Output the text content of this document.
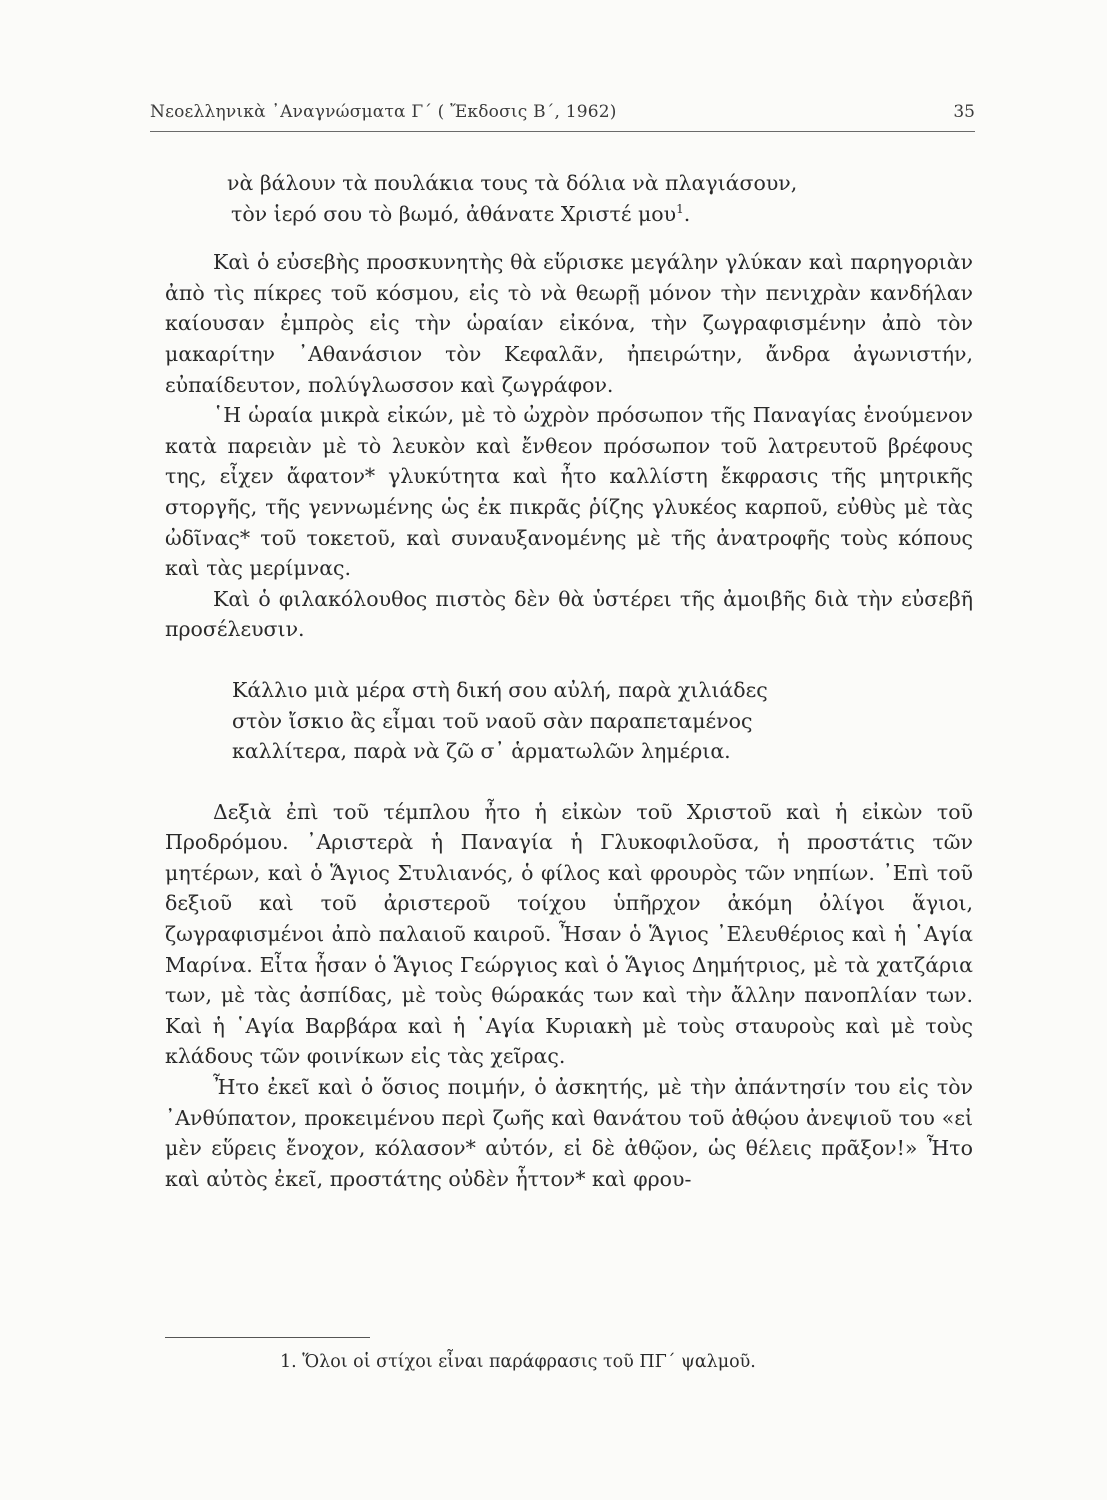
Νεοελληνικὰ ᾿Αναγνώσματα Γ΄ ( Ἔκδοσις Β΄, 1962)	35

νὰ βάλουν τὰ πουλάκια τους τὰ δόλια νὰ πλαγιάσουν,
τὸν ἱερό σου τὸ βωμό, ἀθάνατε Χριστέ μου$^1$.

Καὶ ὁ εὐσεβὴς προσκυνητὴς θὰ εὕρισκε μεγάλην γλύκαν καὶ παρηγοριὰν ἀπὸ τὶς πίκρες τοῦ κόσμου, εἰς τὸ νὰ θεωρῇ μόνον τὴν πενιχρὰν κανδήλαν καίουσαν ἐμπρὸς εἰς τὴν ὡραίαν εἰκόνα, τὴν ζωγραφισμένην ἀπὸ τὸν μακαρίτην ᾿Αθανάσιον τὸν Κεφαλᾶν, ἠπειρώτην, ἄνδρα ἀγωνιστήν, εὐπαίδευτον, πολύγλωσσον καὶ ζωγράφον.

῾Η ὡραία μικρὰ εἰκών, μὲ τὸ ὠχρὸν πρόσωπον τῆς Παναγίας ἑνούμενον κατὰ παρειὰν μὲ τὸ λευκὸν καὶ ἔνθεον πρόσωπον τοῦ λατρευτοῦ βρέφους της, εἶχεν ἄφατον* γλυκύτητα καὶ ἦτο καλλίστη ἔκφρασις τῆς μητρικῆς στοργῆς, τῆς γεννωμένης ὡς ἐκ πικρᾶς ῥίζης γλυκέος καρποῦ, εὐθὺς μὲ τὰς ὠδῖνας* τοῦ τοκετοῦ, καὶ συναυξανομένης μὲ τῆς ἀνατροφῆς τοὺς κόπους καὶ τὰς μερίμνας.

Καὶ ὁ φιλακόλουθος πιστὸς δὲν θὰ ὑστέρει τῆς ἀμοιβῆς διὰ τὴν εὐσεβῆ προσέλευσιν.

Κάλλιο μιὰ μέρα στὴ δική σου αὐλή, παρὰ χιλιάδες
στὸν ἴσκιο ἂς εἶμαι τοῦ ναοῦ σὰν παραπεταμένος
καλλίτερα, παρὰ νὰ ζῶ σ᾿ ἁρματωλῶν λημέρια.

Δεξιὰ ἐπὶ τοῦ τέμπλου ἦτο ἡ εἰκὼν τοῦ Χριστοῦ καὶ ἡ εἰκὼν τοῦ Προδρόμου. ᾿Αριστερὰ ἡ Παναγία ἡ Γλυκοφιλοῦσα, ἡ προστάτις τῶν μητέρων, καὶ ὁ Ἅγιος Στυλιανός, ὁ φίλος καὶ φρουρὸς τῶν νηπίων. ᾿Επὶ τοῦ δεξιοῦ καὶ τοῦ ἀριστεροῦ τοίχου ὑπῆρχον ἀκόμη ὀλίγοι ἅγιοι, ζωγραφισμένοι ἀπὸ παλαιοῦ καιροῦ. Ἦσαν ὁ Ἅγιος ᾿Ελευθέριος καὶ ἡ ῾Αγία Μαρίνα. Εἶτα ἦσαν ὁ Ἅγιος Γεώργιος καὶ ὁ Ἅγιος Δημήτριος, μὲ τὰ χατζάρια των, μὲ τὰς ἀσπίδας, μὲ τοὺς θώρακάς των καὶ τὴν ἄλλην πανοπλίαν των. Καὶ ἡ ῾Αγία Βαρβάρα καὶ ἡ ῾Αγία Κυριακὴ μὲ τοὺς σταυροὺς καὶ μὲ τοὺς κλάδους τῶν φοινίκων εἰς τὰς χεῖρας.

Ἦτο ἐκεῖ καὶ ὁ ὅσιος ποιμήν, ὁ ἀσκητής, μὲ τὴν ἀπάντησίν του εἰς τὸν ᾿Ανθύπατον, προκειμένου περὶ ζωῆς καὶ θανάτου τοῦ ἀθῴου ἀνεψιοῦ του «εἰ μὲν εὕρεις ἔνοχον, κόλασον* αὐτόν, εἰ δὲ ἀθῷον, ὡς θέλεις πρᾶξον!» Ἦτο καὶ αὐτὸς ἐκεῖ, προστάτης οὐδὲν ἧττον* καὶ φρου-

1. Ὅλοι οἱ στίχοι εἶναι παράφρασις τοῦ ΠΓ΄ ψαλμοῦ.
